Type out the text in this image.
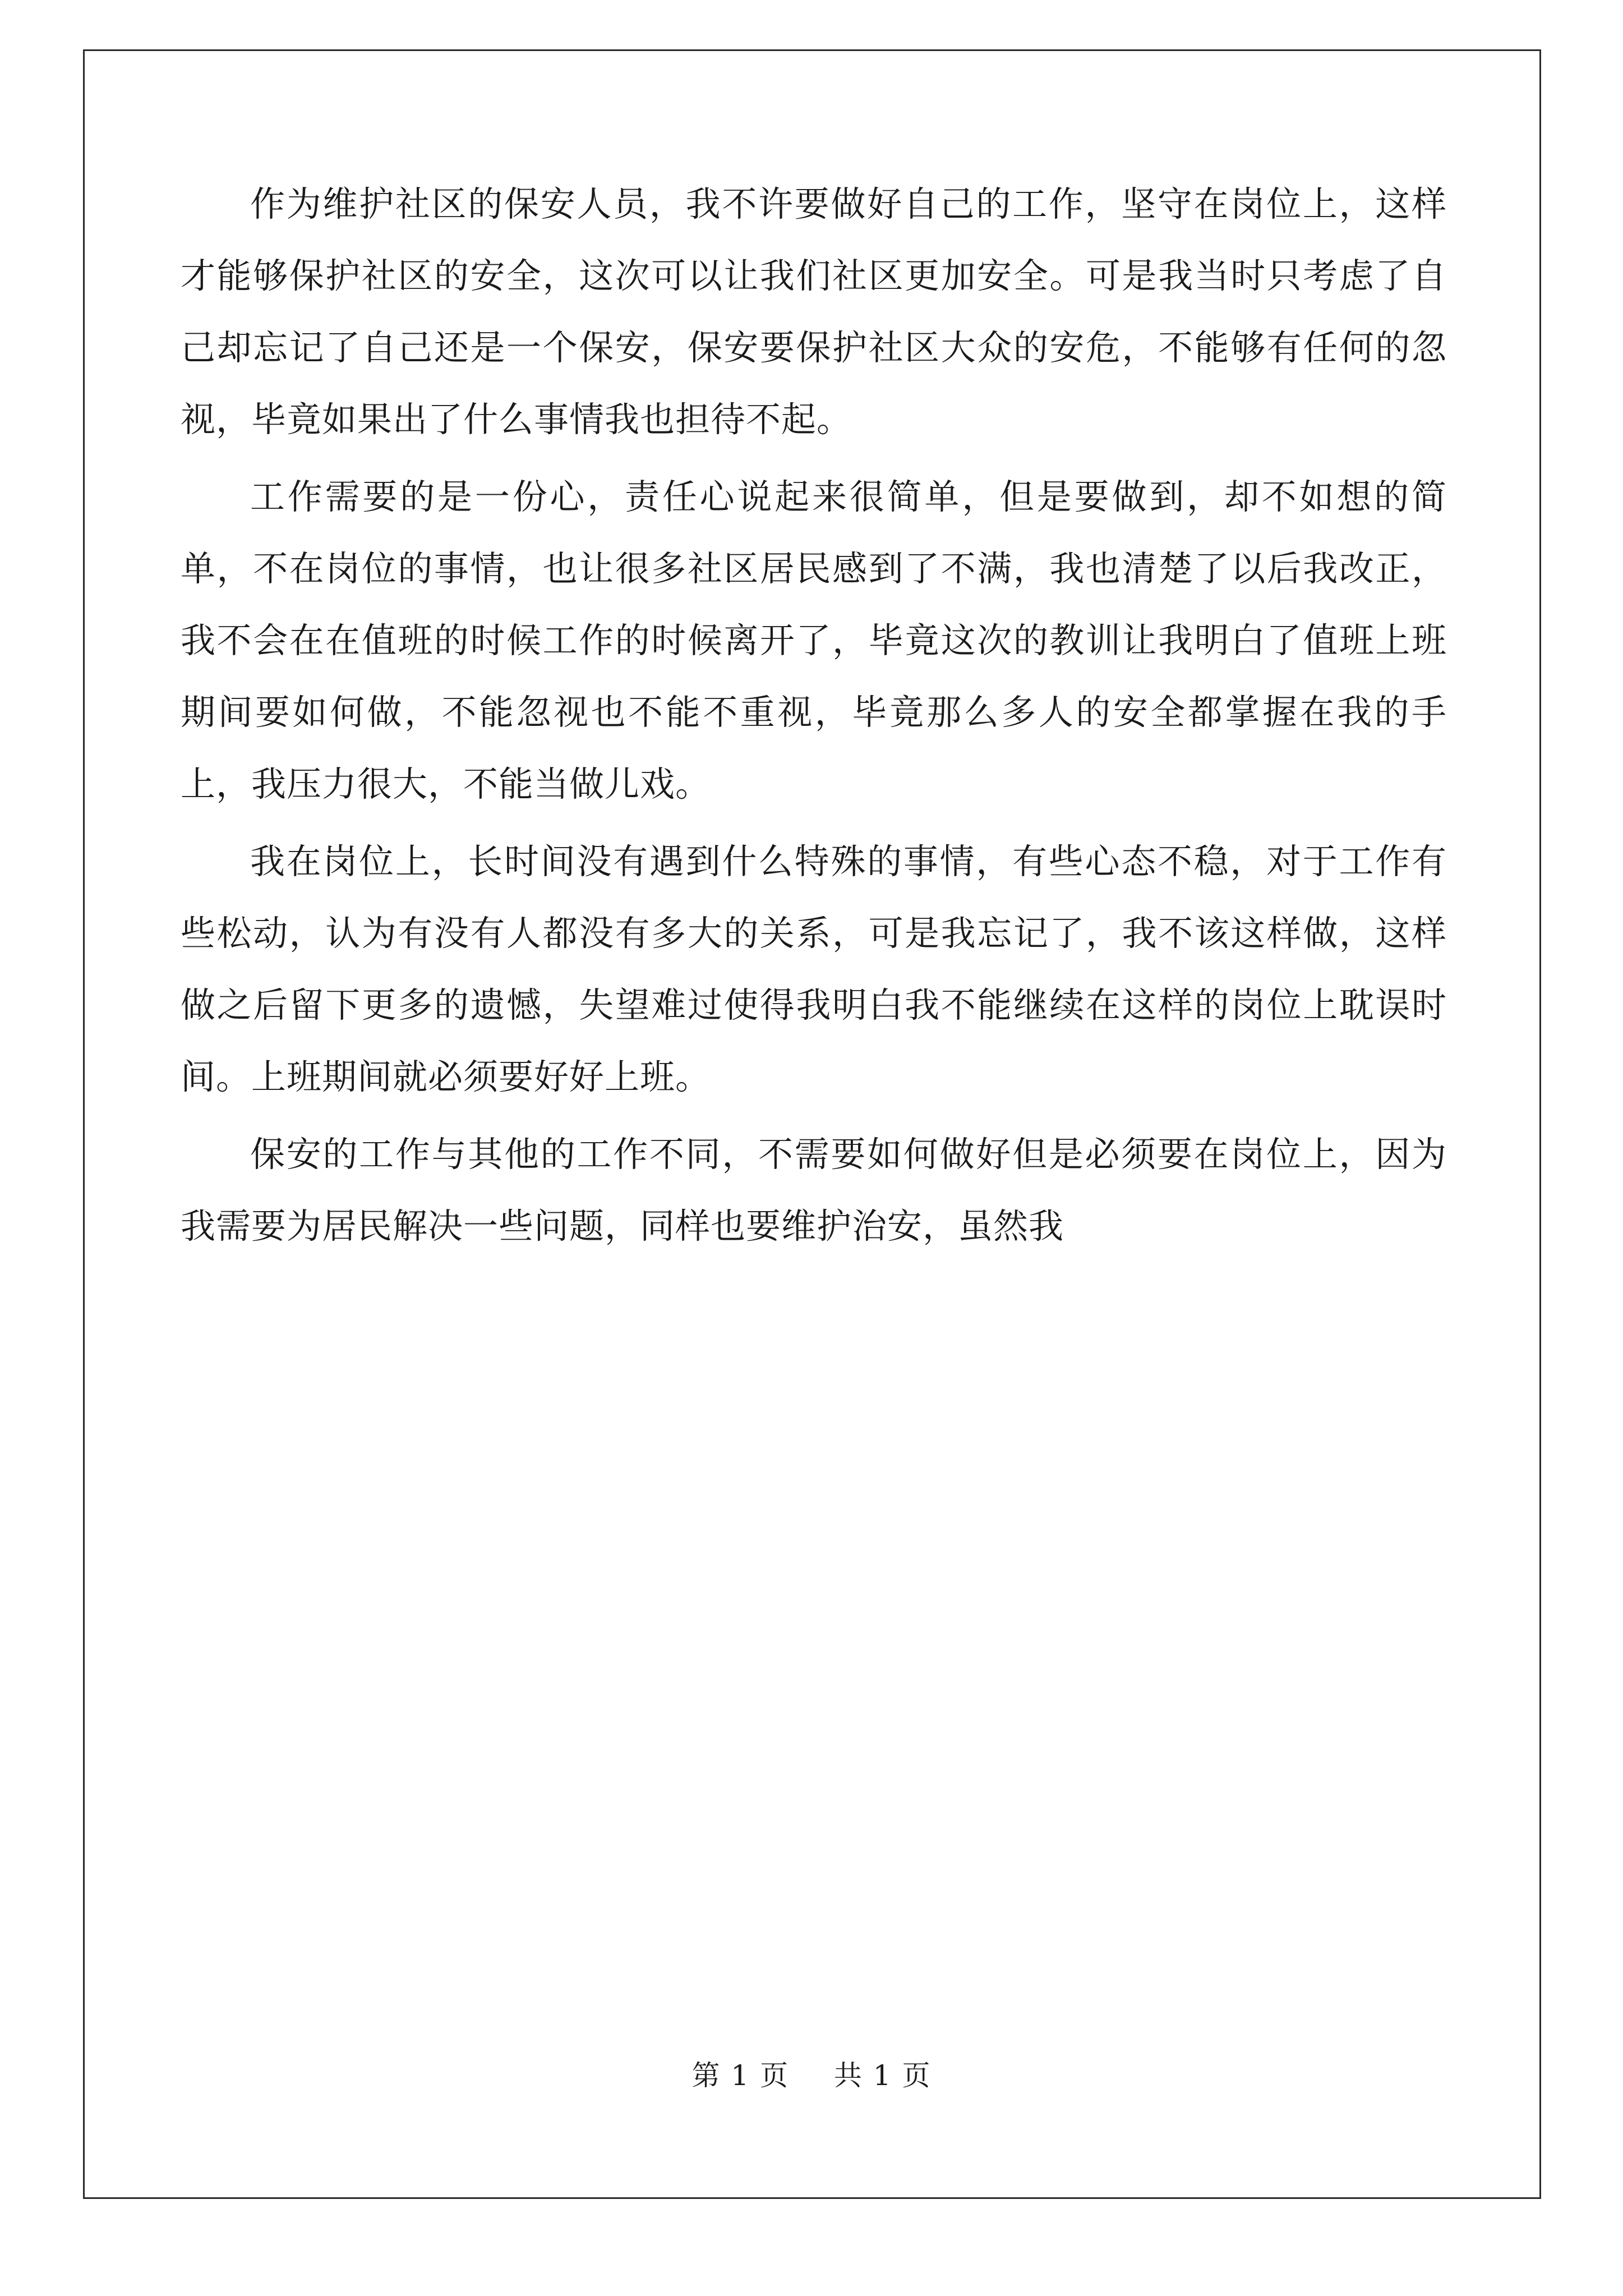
作为维护社区的保安人员，我不许要做好自己的工作，坚守在岗位上，这样才能够保护社区的安全，这次可以让我们社区更加安全。可是我当时只考虑了自己却忘记了自己还是一个保安，保安要保护社区大众的安危，不能够有任何的忽视，毕竟如果出了什么事情我也担待不起。

工作需要的是一份心，责任心说起来很简单，但是要做到，却不如想的简单，不在岗位的事情，也让很多社区居民感到了不满，我也清楚了以后我改正，我不会在在值班的时候工作的时候离开了，毕竟这次的教训让我明白了值班上班期间要如何做，不能忽视也不能不重视，毕竟那么多人的安全都掌握在我的手上，我压力很大，不能当做儿戏。

我在岗位上，长时间没有遇到什么特殊的事情，有些心态不稳，对于工作有些松动，认为有没有人都没有多大的关系，可是我忘记了，我不该这样做，这样做之后留下更多的遗憾，失望难过使得我明白我不能继续在这样的岗位上耽误时间。上班期间就必须要好好上班。

保安的工作与其他的工作不同，不需要如何做好但是必须要在岗位上，因为我需要为居民解决一些问题，同样也要维护治安，虽然我

第 1 页 共 1 页
